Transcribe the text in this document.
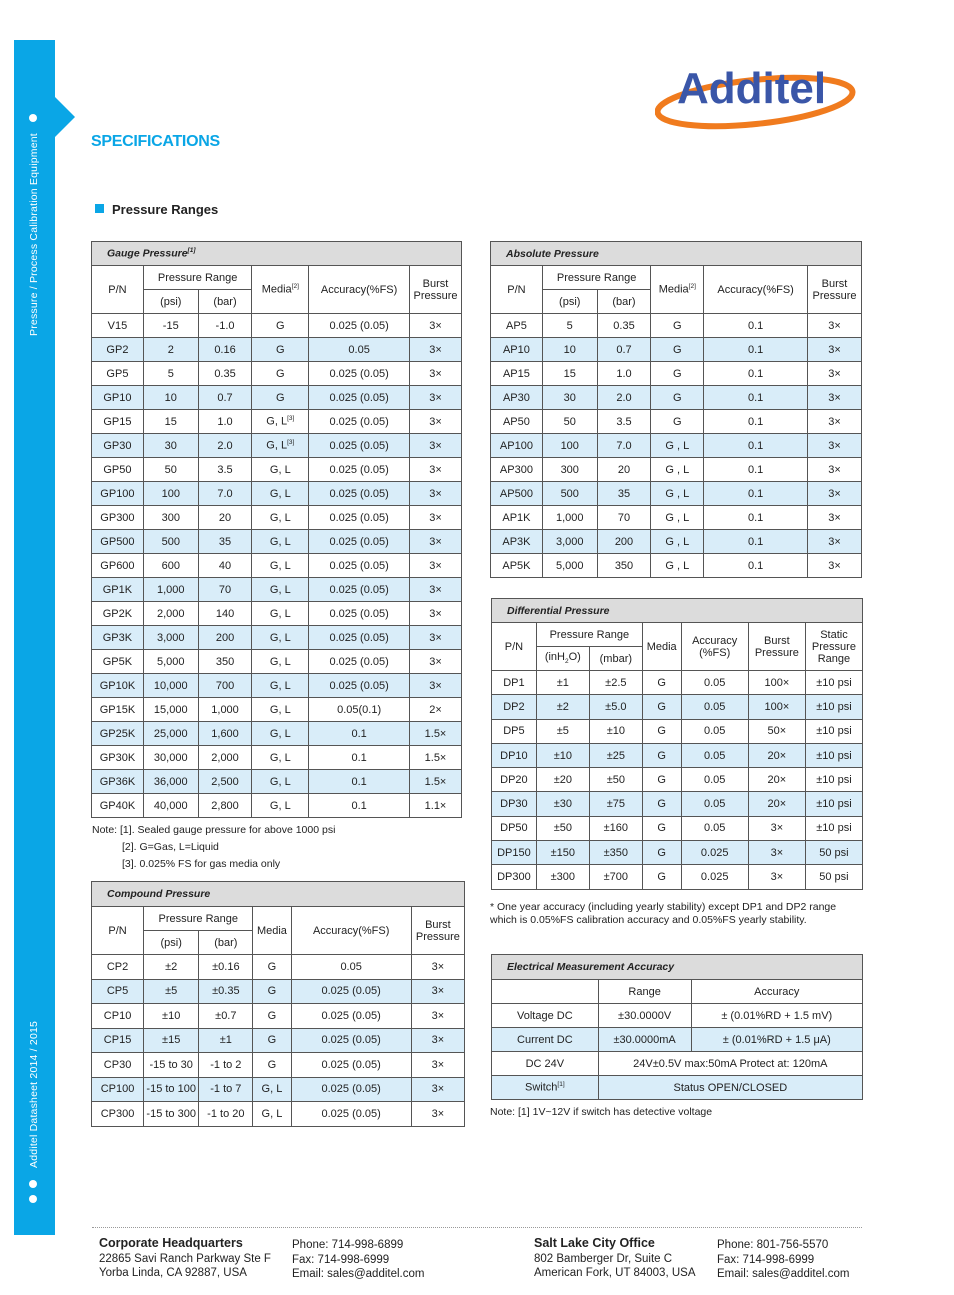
Pressure / Process Calibration Equipment
Additel Datasheet 2014 / 2015
Additel
SPECIFICATIONS
Pressure Ranges
Gauge Pressure[1]
P/N	Pressure Range		Media[2]	Accuracy(%FS)	Burst
Pressure
	(psi)	(bar)			
V15	-15	-1.0	G	0.025 (0.05)	3×
GP2	2	0.16	G	0.05	3×
GP5	5	0.35	G	0.025 (0.05)	3×
GP10	10	0.7	G	0.025 (0.05)	3×
GP15	15	1.0	G, L[3]	0.025 (0.05)	3×
GP30	30	2.0	G, L[3]	0.025 (0.05)	3×
GP50	50	3.5	G, L	0.025 (0.05)	3×
GP100	100	7.0	G, L	0.025 (0.05)	3×
GP300	300	20	G, L	0.025 (0.05)	3×
GP500	500	35	G, L	0.025 (0.05)	3×
GP600	600	40	G, L	0.025 (0.05)	3×
GP1K	1,000	70	G, L	0.025 (0.05)	3×
GP2K	2,000	140	G, L	0.025 (0.05)	3×
GP3K	3,000	200	G, L	0.025 (0.05)	3×
GP5K	5,000	350	G, L	0.025 (0.05)	3×
GP10K	10,000	700	G, L	0.025 (0.05)	3×
GP15K	15,000	1,000	G, L	0.05(0.1)	2×
GP25K	25,000	1,600	G, L	0.1	1.5×
GP30K	30,000	2,000	G, L	0.1	1.5×
GP36K	36,000	2,500	G, L	0.1	1.5×
GP40K	40,000	2,800	G, L	0.1	1.1×
Note: [1]. Sealed gauge pressure for above 1000 psi
[2]. G=Gas, L=Liquid
[3]. 0.025% FS for gas media only
Compound Pressure					
P/N	Pressure Range		Media	Accuracy(%FS)	Burst
Pressure
	(psi)	(bar)			
CP2	±2	±0.16	G	0.05	3×
CP5	±5	±0.35	G	0.025 (0.05)	3×
CP10	±10	±0.7	G	0.025 (0.05)	3×
CP15	±15	±1	G	0.025 (0.05)	3×
CP30	-15 to 30	-1 to 2	G	0.025 (0.05)	3×
CP100	-15 to 100	-1 to 7	G, L	0.025 (0.05)	3×
CP300	-15 to 300	-1 to 20	G, L	0.025 (0.05)	3×
Absolute Pressure					
P/N	Pressure Range		Media[2]	Accuracy(%FS)	Burst
Pressure
	(psi)	(bar)			
AP5	5	0.35	G	0.1	3×
AP10	10	0.7	G	0.1	3×
AP15	15	1.0	G	0.1	3×
AP30	30	2.0	G	0.1	3×
AP50	50	3.5	G	0.1	3×
AP100	100	7.0	G , L	0.1	3×
AP300	300	20	G , L	0.1	3×
AP500	500	35	G , L	0.1	3×
AP1K	1,000	70	G , L	0.1	3×
AP3K	3,000	200	G , L	0.1	3×
AP5K	5,000	350	G , L	0.1	3×
Differential Pressure						
P/N	Pressure Range		Media	Accuracy
(%FS)	Burst
Pressure	Static
Pressure
Range
	(inH$_2$O)	(mbar)				
DP1	±1	±2.5	G	0.05	100×	±10 psi
DP2	±2	±5.0	G	0.05	100×	±10 psi
DP5	±5	±10	G	0.05	50×	±10 psi
DP10	±10	±25	G	0.05	20×	±10 psi
DP20	±20	±50	G	0.05	20×	±10 psi
DP30	±30	±75	G	0.05	20×	±10 psi
DP50	±50	±160	G	0.05	3×	±10 psi
DP150	±150	±350	G	0.025	3×	50 psi
DP300	±300	±700	G	0.025	3×	50 psi
* One year accuracy (including yearly stability) except DP1 and DP2 range
which is 0.05%FS calibration accuracy and 0.05%FS yearly stability.
Electrical Measurement Accuracy		
	Range	Accuracy
Voltage DC	±30.0000V	± (0.01%RD + 1.5 mV)
Current DC	±30.0000mA	± (0.01%RD + 1.5 μA)
DC 24V	24V±0.5V max:50mA Protect at: 120mA	
Switch[1]	Status OPEN/CLOSED	
Note: [1] 1V~12V if switch has detective voltage
Corporate Headquarters
22865 Savi Ranch Parkway Ste F
Yorba Linda, CA 92887, USA
Phone: 714-998-6899
Fax: 714-998-6999
Email: sales@additel.com
Salt Lake City Office
802 Bamberger Dr, Suite C
American Fork, UT 84003, USA
Phone: 801-756-5570
Fax: 714-998-6999
Email: sales@additel.com
